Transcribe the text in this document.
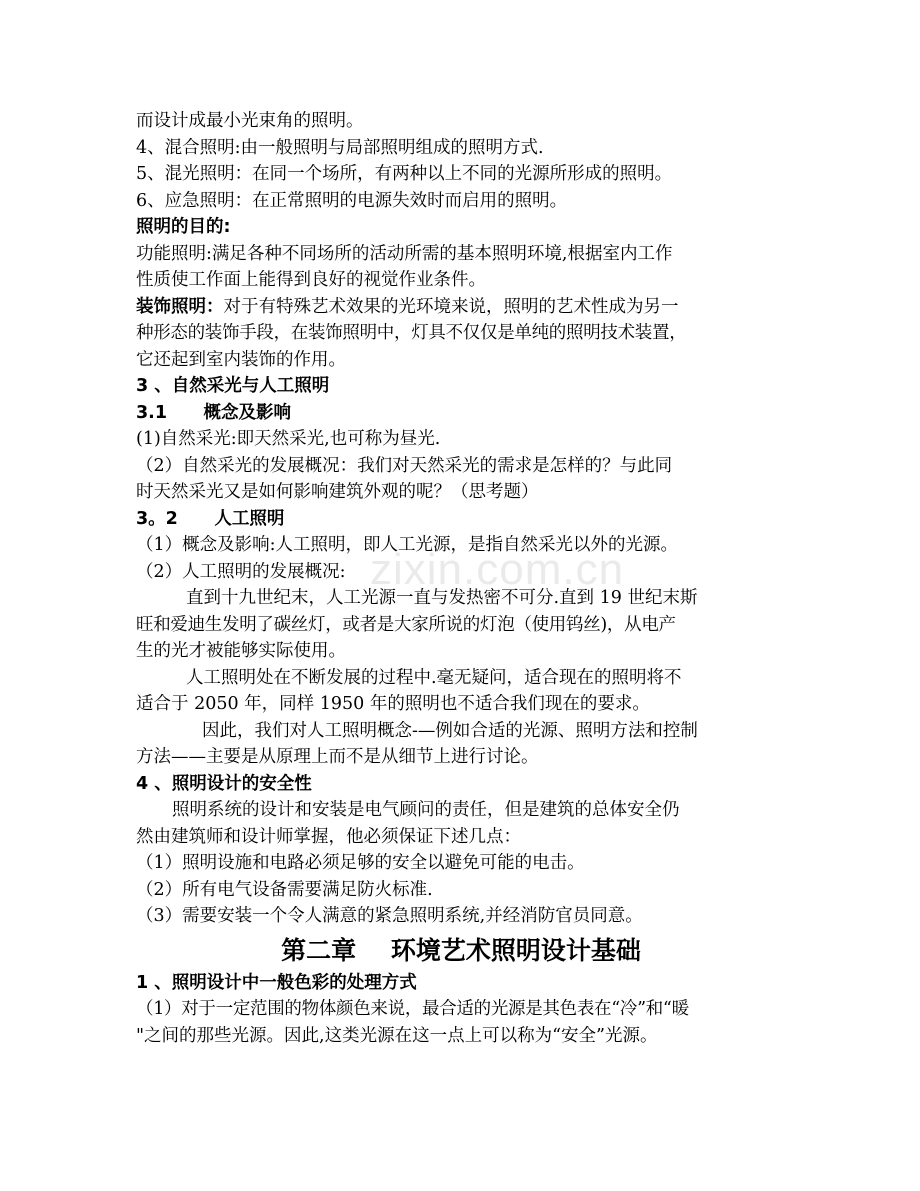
zixin.com.cn
而设计成最小光束角的照明。
4、混合照明:由一般照明与局部照明组成的照明方式.
5、混光照明：在同一个场所，有两种以上不同的光源所形成的照明。
6、应急照明：在正常照明的电源失效时而启用的照明。
照明的目的:
功能照明:满足各种不同场所的活动所需的基本照明环境,根据室内工作
性质使工作面上能得到良好的视觉作业条件。
装饰照明：对于有特殊艺术效果的光环境来说，照明的艺术性成为另一
种形态的装饰手段，在装饰照明中，灯具不仅仅是单纯的照明技术装置，
它还起到室内装饰的作用。
3 、自然采光与人工照明
3.1      概念及影响
(1)自然采光:即天然采光,也可称为昼光.
（2）自然采光的发展概况：我们对天然采光的需求是怎样的？与此同
时天然采光又是如何影响建筑外观的呢？（思考题）
3。2      人工照明
（1）概念及影响:人工照明，即人工光源，是指自然采光以外的光源。
（2）人工照明的发展概况:
直到十九世纪末，人工光源一直与发热密不可分.直到 19 世纪末斯
旺和爱迪生发明了碳丝灯，或者是大家所说的灯泡（使用钨丝)，从电产
生的光才被能够实际使用。
人工照明处在不断发展的过程中.毫无疑问，适合现在的照明将不
适合于 2050 年，同样 1950 年的照明也不适合我们现在的要求。
因此，我们对人工照明概念-—例如合适的光源、照明方法和控制
方法——主要是从原理上而不是从细节上进行讨论。
4 、照明设计的安全性
照明系统的设计和安装是电气顾问的责任，但是建筑的总体安全仍
然由建筑师和设计师掌握，他必须保证下述几点：
（1）照明设施和电路必须足够的安全以避免可能的电击。
（2）所有电气设备需要满足防火标准.
（3）需要安装一个令人满意的紧急照明系统,并经消防官员同意。
第二章    环境艺术照明设计基础
1 、照明设计中一般色彩的处理方式
（1）对于一定范围的物体颜色来说，最合适的光源是其色表在“冷”和“暖
"之间的那些光源。因此,这类光源在这一点上可以称为“安全”光源。
